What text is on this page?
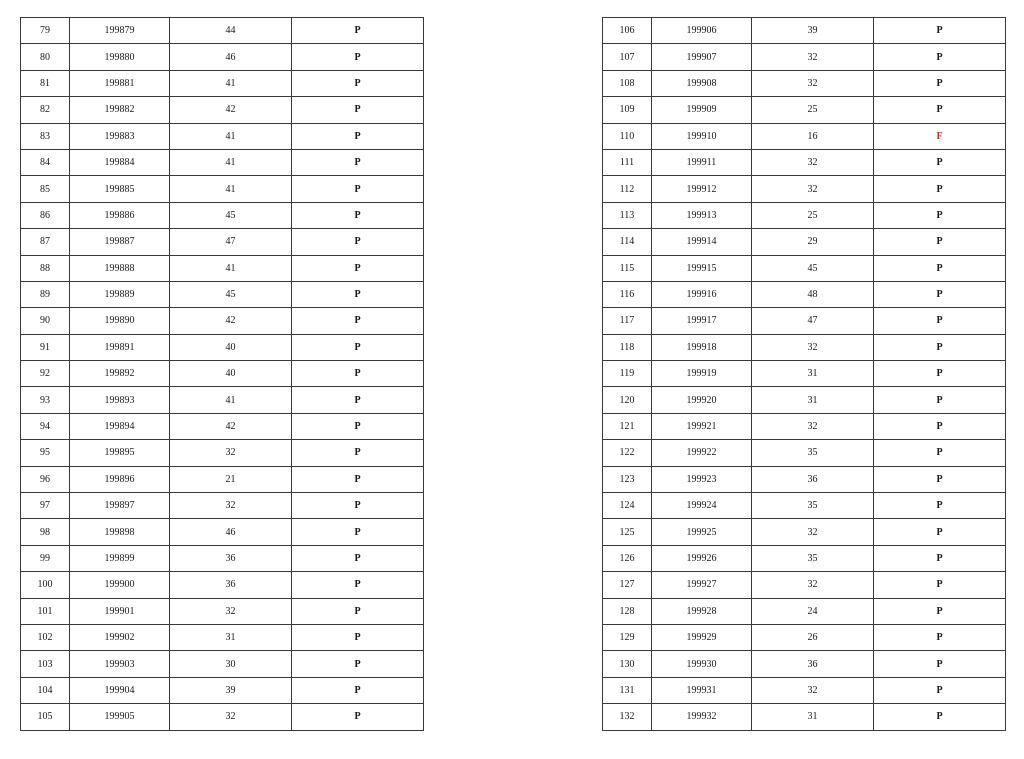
79	199879	44	P
80	199880	46	P
81	199881	41	P
82	199882	42	P
83	199883	41	P
84	199884	41	P
85	199885	41	P
86	199886	45	P
87	199887	47	P
88	199888	41	P
89	199889	45	P
90	199890	42	P
91	199891	40	P
92	199892	40	P
93	199893	41	P
94	199894	42	P
95	199895	32	P
96	199896	21	P
97	199897	32	P
98	199898	46	P
99	199899	36	P
100	199900	36	P
101	199901	32	P
102	199902	31	P
103	199903	30	P
104	199904	39	P
105	199905	32	P
106	199906	39	P
107	199907	32	P
108	199908	32	P
109	199909	25	P
110	199910	16	F
111	199911	32	P
112	199912	32	P
113	199913	25	P
114	199914	29	P
115	199915	45	P
116	199916	48	P
117	199917	47	P
118	199918	32	P
119	199919	31	P
120	199920	31	P
121	199921	32	P
122	199922	35	P
123	199923	36	P
124	199924	35	P
125	199925	32	P
126	199926	35	P
127	199927	32	P
128	199928	24	P
129	199929	26	P
130	199930	36	P
131	199931	32	P
132	199932	31	P
